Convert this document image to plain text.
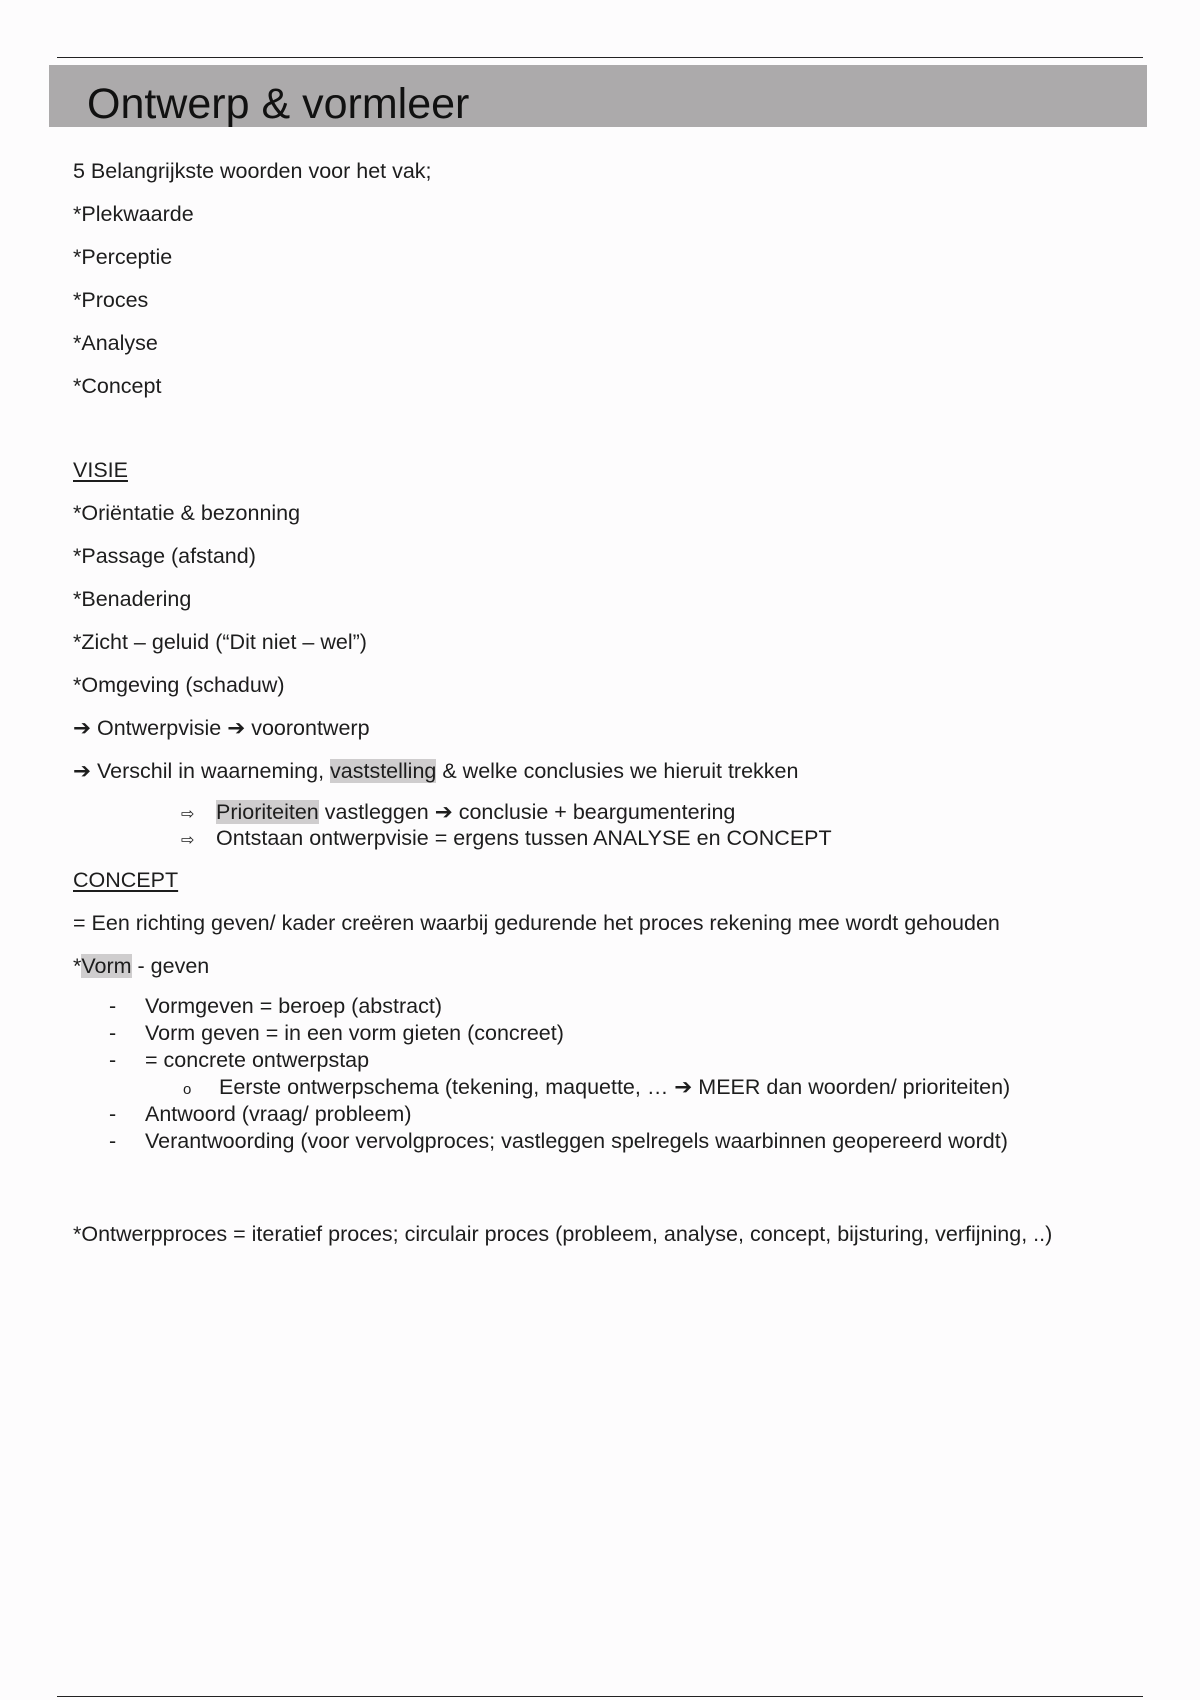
Ontwerp & vormleer
5 Belangrijkste woorden voor het vak;
*Plekwaarde
*Perceptie
*Proces
*Analyse
*Concept
VISIE
*Oriëntatie & bezonning
*Passage (afstand)
*Benadering
*Zicht – geluid (“Dit niet – wel”)
*Omgeving (schaduw)
➔ Ontwerpvisie ➔ voorontwerp
➔ Verschil in waarneming, vaststelling & welke conclusies we hieruit trekken
⇨ Prioriteiten vastleggen ➔ conclusie + beargumentering
⇨ Ontstaan ontwerpvisie = ergens tussen ANALYSE en CONCEPT
CONCEPT
= Een richting geven/ kader creëren waarbij gedurende het proces rekening mee wordt gehouden
*Vorm - geven
- Vormgeven = beroep (abstract)
- Vorm geven = in een vorm gieten (concreet)
- = concrete ontwerpstap
o Eerste ontwerpschema (tekening, maquette, … ➔ MEER dan woorden/ prioriteiten)
- Antwoord (vraag/ probleem)
- Verantwoording (voor vervolgproces; vastleggen spelregels waarbinnen geopereerd wordt)
*Ontwerpproces = iteratief proces; circulair proces (probleem, analyse, concept, bijsturing, verfijning, ..)
